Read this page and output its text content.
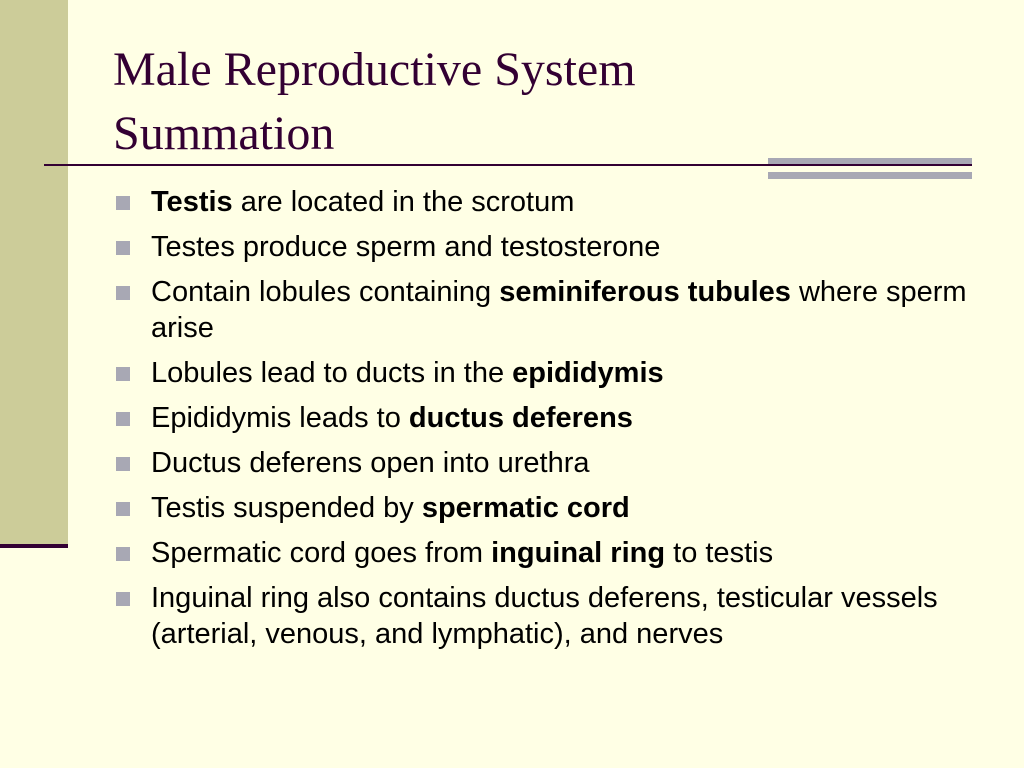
Male Reproductive System
Summation
Testis are located in the scrotum
Testes produce sperm and testosterone
Contain lobules containing seminiferous tubules where sperm arise
Lobules lead to ducts in the epididymis
Epididymis leads to ductus deferens
Ductus deferens open into urethra
Testis suspended by spermatic cord
Spermatic cord goes from inguinal ring to testis
Inguinal ring also contains ductus deferens, testicular vessels (arterial, venous, and lymphatic), and nerves
